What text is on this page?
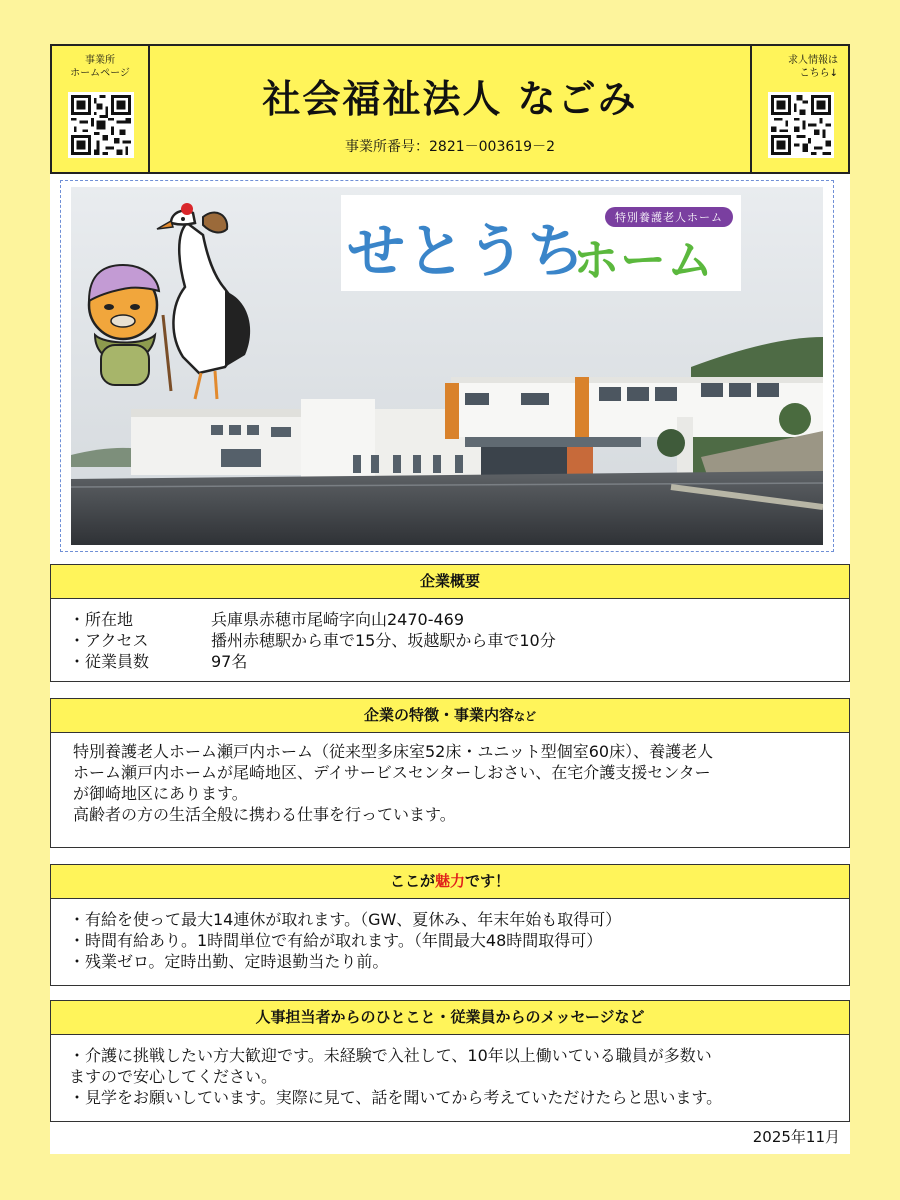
事業所
ホームページ
社会福祉法人 なごみ
事業所番号：2821－003619－2
求人情報は
こちら↓
特別養護老人ホーム
せとうち
ホーム
企業概要
・所在地	兵庫県赤穂市尾崎字向山2470-469
・アクセス	播州赤穂駅から車で15分、坂越駅から車で10分
・従業員数	97名
企業の特徴・事業内容など
特別養護老人ホーム瀬戸内ホーム（従来型多床室52床・ユニット型個室60床）、養護老人
ホーム瀬戸内ホームが尾崎地区、デイサービスセンターしおさい、在宅介護支援センター
が御崎地区にあります。
高齢者の方の生活全般に携わる仕事を行っています。
ここが魅力です！
・有給を使って最大14連休が取れます。（GW、夏休み、年末年始も取得可）
・時間有給あり。1時間単位で有給が取れます。（年間最大48時間取得可）
・残業ゼロ。定時出勤、定時退勤当たり前。
人事担当者からのひとこと・従業員からのメッセージなど
・介護に挑戦したい方大歓迎です。未経験で入社して、10年以上働いている職員が多数い
ますので安心してください。
・見学をお願いしています。実際に見て、話を聞いてから考えていただけたらと思います。
2025年11月
